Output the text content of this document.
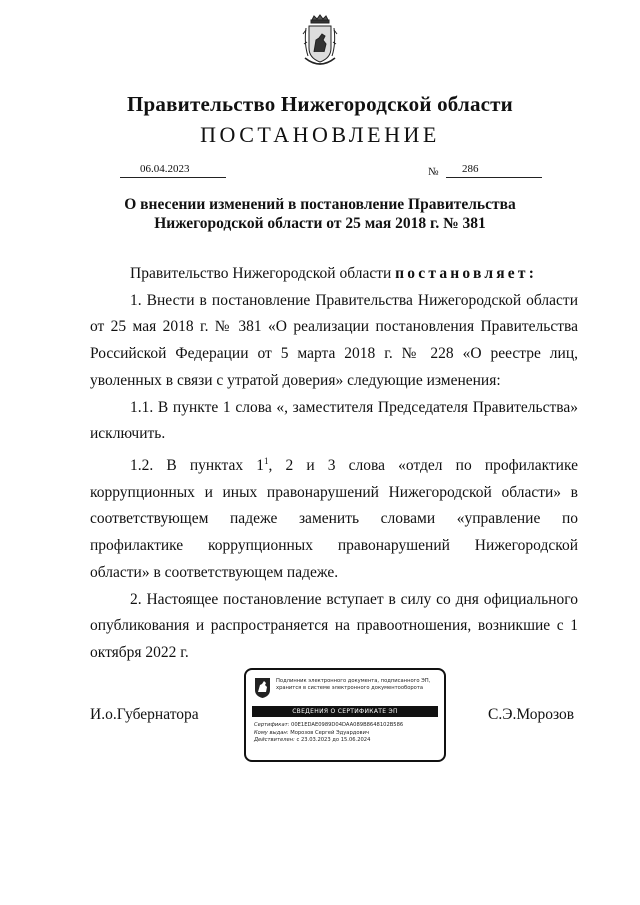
Правительство Нижегородской области
ПОСТАНОВЛЕНИЕ
06.04.2023	№ 286
О внесении изменений в постановление Правительства
Нижегородской области от 25 мая 2018 г. № 381

Правительство Нижегородской области постановляет:

1. Внести в постановление Правительства Нижегородской области от 25 мая 2018 г. № 381 «О реализации постановления Правительства Российской Федерации от 5 марта 2018 г. № 228 «О реестре лиц, уволенных в связи с утратой доверия» следующие изменения:

1.1. В пункте 1 слова «, заместителя Председателя Правительства» исключить.

1.2. В пунктах $1^1$, 2 и 3 слова «отдел по профилактике коррупционных и иных правонарушений Нижегородской области» в соответствующем падеже заменить словами «управление по профилактике коррупционных правонарушений Нижегородской области» в соответствующем падеже.

2. Настоящее постановление вступает в силу со дня официального опубликования и распространяется на правоотношения, возникшие с 1 октября 2022 г.

И.о.Губернатора	С.Э.Морозов
Подлинник электронного документа, подписанного ЭП,
хранится в системе электронного документооборота
СВЕДЕНИЯ О СЕРТИФИКАТЕ ЭП
Сертификат: 00E1EDAE0989D04DAA089B8648102B586
Кому выдан: Морозов Сергей Эдуардович
Действителен: с 23.03.2023 до 15.06.2024
